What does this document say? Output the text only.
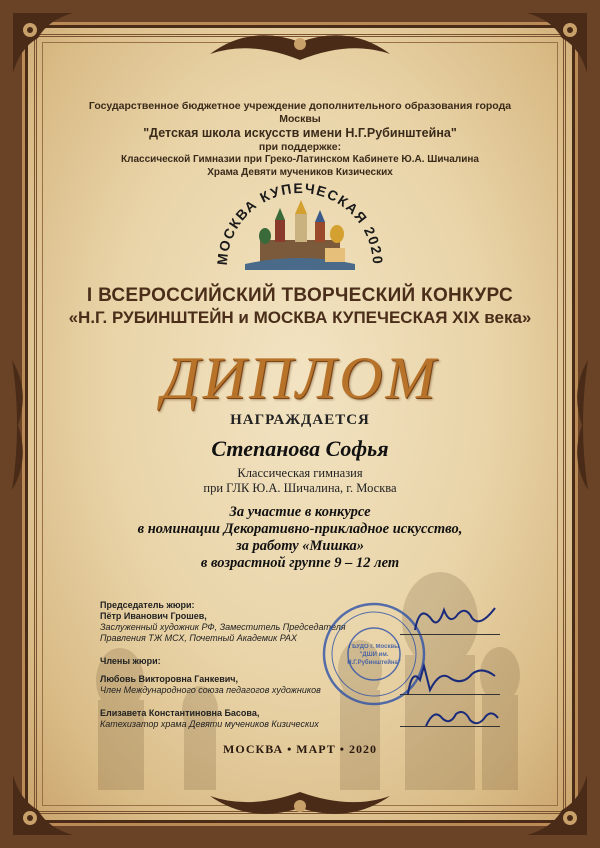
Государственное бюджетное учреждение дополнительного образования города Москвы
"Детская школа искусств имени Н.Г.Рубинштейна"
при поддержке:
Классической Гимназии при Греко-Латинском Кабинете Ю.А. Шичалина
Храма Девяти мучеников Кизических
МОСКВА КУПЕЧЕСКАЯ 2020
I ВСЕРОССИЙСКИЙ ТВОРЧЕСКИЙ КОНКУРС
«Н.Г. РУБИНШТЕЙН и МОСКВА КУПЕЧЕСКАЯ XIX века»
ДИПЛОМ
НАГРАЖДАЕТСЯ
Степанова Софья
Классическая гимназия
при ГЛК Ю.А. Шичалина, г. Москва
За участие в конкурсе
в номинации Декоративно-прикладное искусство,
за работу «Мишка»
в возрастной группе 9 – 12 лет
Председатель жюри:
Пётр Иванович Грошев,
Заслуженный художник РФ, Заместитель Председателя
Правления ТЖ МСХ, Почетный Академик РАХ
Члены жюри:
Любовь Викторовна Ганкевич,
Член Международного союза педагогов художников
Елизавета Константиновна Басова,
Катехизатор храма Девяти мучеников Кизических
ГБУДО г. Москвы
"ДШИ им.
Н.Г.Рубинштейна"
МОСКВА • МАРТ • 2020
